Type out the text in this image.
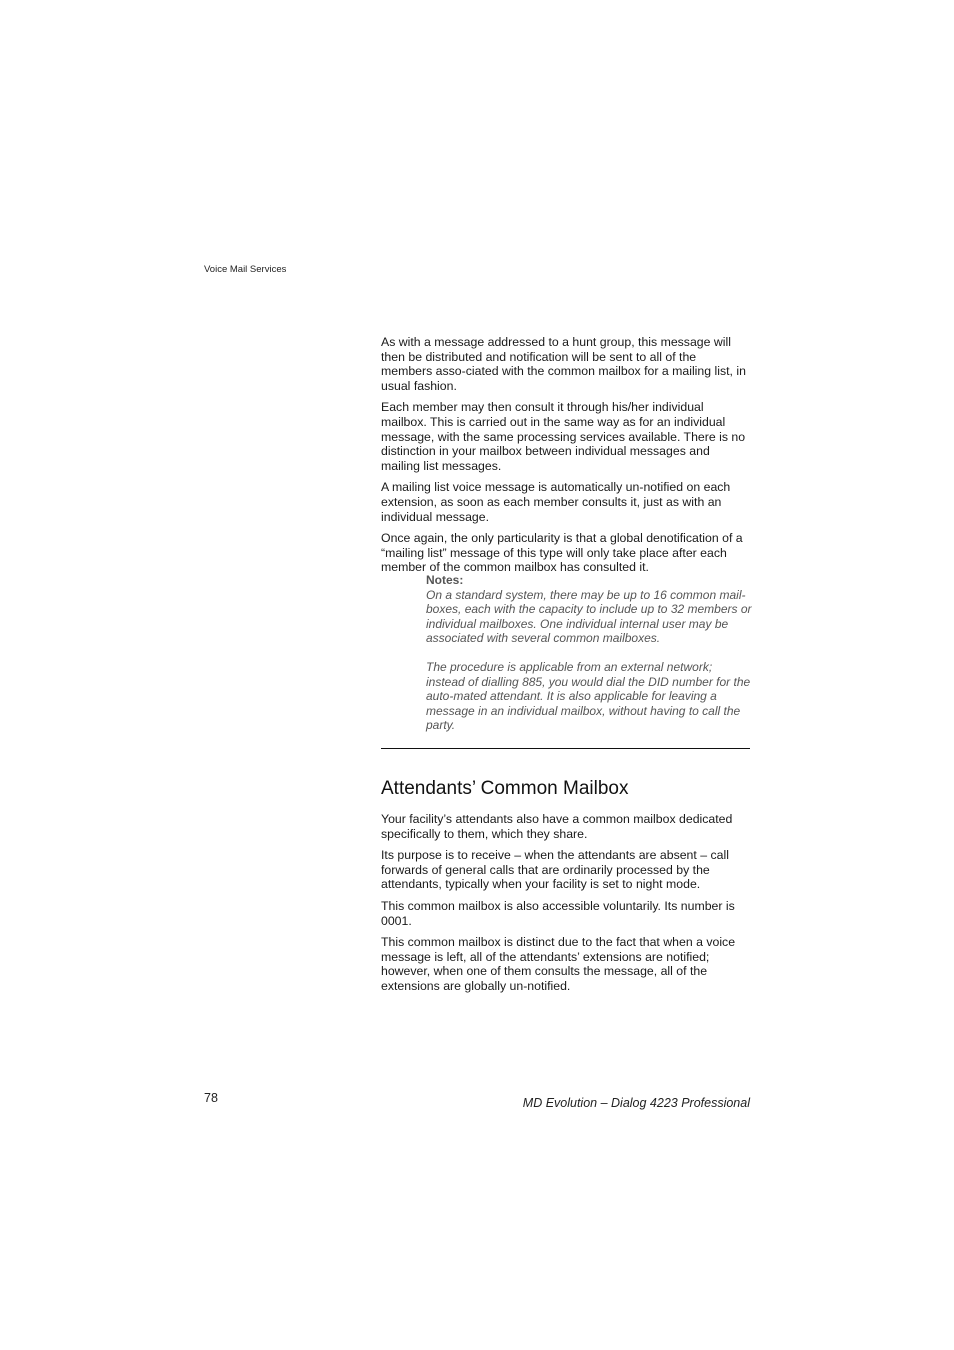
Voice Mail Services

As with a message addressed to a hunt group, this message will then be distributed and notification will be sent to all of the members asso-ciated with the common mailbox for a mailing list, in usual fashion.

Each member may then consult it through his/her individual mailbox. This is carried out in the same way as for an individual message, with the same processing services available. There is no distinction in your mailbox between individual messages and mailing list messages.

A mailing list voice message is automatically un-notified on each extension, as soon as each member consults it, just as with an individual message.

Once again, the only particularity is that a global denotification of a “mailing list” message of this type will only take place after each member of the common mailbox has consulted it.

Notes:

On a standard system, there may be up to 16 common mail-boxes, each with the capacity to include up to 32 members or individual mailboxes. One individual internal user may be associated with several common mailboxes.

The procedure is applicable from an external network; instead of dialling 885, you would dial the DID number for the auto-mated attendant. It is also applicable for leaving a message in an individual mailbox, without having to call the party.

Attendants’ Common Mailbox

Your facility’s attendants also have a common mailbox dedicated specifically to them, which they share.

Its purpose is to receive – when the attendants are absent – call forwards of general calls that are ordinarily processed by the attendants, typically when your facility is set to night mode.

This common mailbox is also accessible voluntarily. Its number is 0001.

This common mailbox is distinct due to the fact that when a voice message is left, all of the attendants’ extensions are notified; however, when one of them consults the message, all of the extensions are globally un-notified.

78	MD Evolution – Dialog 4223 Professional
